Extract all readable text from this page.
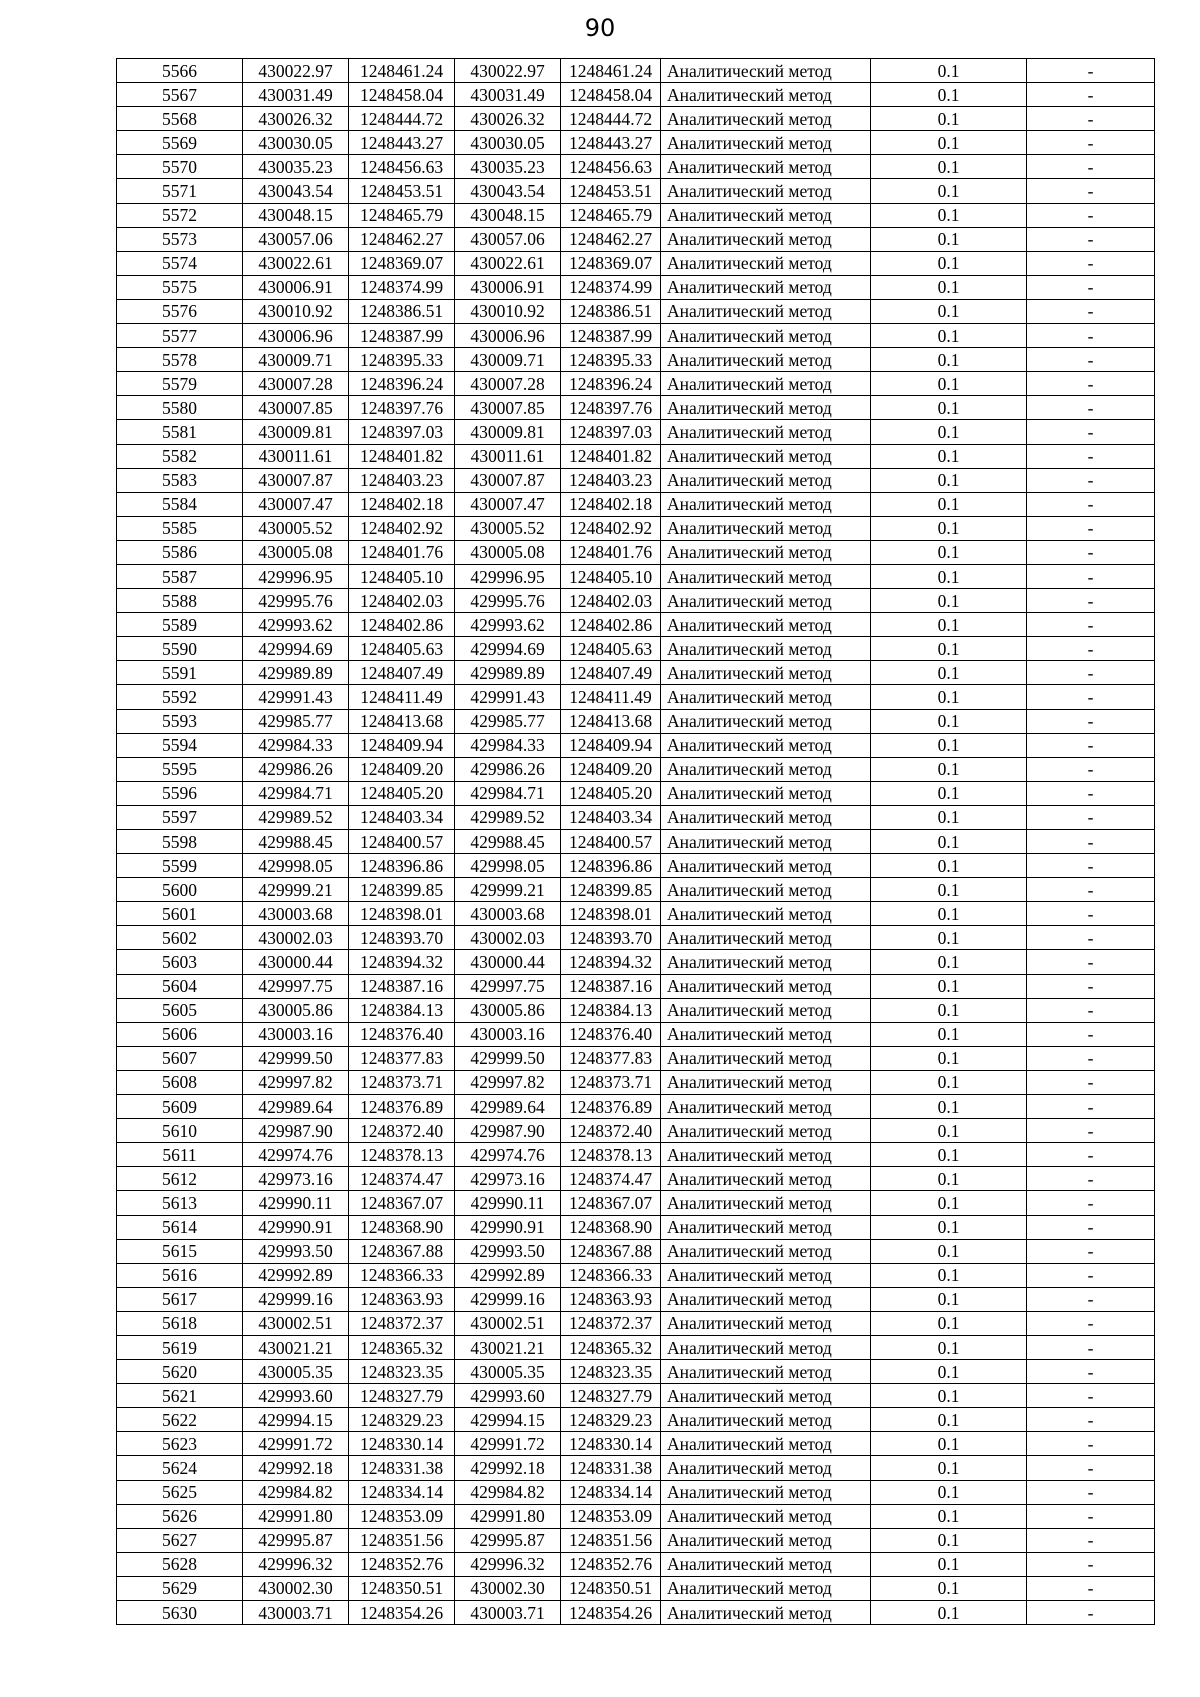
90
5566	430022.97	1248461.24	430022.97	1248461.24	Аналитический метод	0.1	-
5567	430031.49	1248458.04	430031.49	1248458.04	Аналитический метод	0.1	-
5568	430026.32	1248444.72	430026.32	1248444.72	Аналитический метод	0.1	-
5569	430030.05	1248443.27	430030.05	1248443.27	Аналитический метод	0.1	-
5570	430035.23	1248456.63	430035.23	1248456.63	Аналитический метод	0.1	-
5571	430043.54	1248453.51	430043.54	1248453.51	Аналитический метод	0.1	-
5572	430048.15	1248465.79	430048.15	1248465.79	Аналитический метод	0.1	-
5573	430057.06	1248462.27	430057.06	1248462.27	Аналитический метод	0.1	-
5574	430022.61	1248369.07	430022.61	1248369.07	Аналитический метод	0.1	-
5575	430006.91	1248374.99	430006.91	1248374.99	Аналитический метод	0.1	-
5576	430010.92	1248386.51	430010.92	1248386.51	Аналитический метод	0.1	-
5577	430006.96	1248387.99	430006.96	1248387.99	Аналитический метод	0.1	-
5578	430009.71	1248395.33	430009.71	1248395.33	Аналитический метод	0.1	-
5579	430007.28	1248396.24	430007.28	1248396.24	Аналитический метод	0.1	-
5580	430007.85	1248397.76	430007.85	1248397.76	Аналитический метод	0.1	-
5581	430009.81	1248397.03	430009.81	1248397.03	Аналитический метод	0.1	-
5582	430011.61	1248401.82	430011.61	1248401.82	Аналитический метод	0.1	-
5583	430007.87	1248403.23	430007.87	1248403.23	Аналитический метод	0.1	-
5584	430007.47	1248402.18	430007.47	1248402.18	Аналитический метод	0.1	-
5585	430005.52	1248402.92	430005.52	1248402.92	Аналитический метод	0.1	-
5586	430005.08	1248401.76	430005.08	1248401.76	Аналитический метод	0.1	-
5587	429996.95	1248405.10	429996.95	1248405.10	Аналитический метод	0.1	-
5588	429995.76	1248402.03	429995.76	1248402.03	Аналитический метод	0.1	-
5589	429993.62	1248402.86	429993.62	1248402.86	Аналитический метод	0.1	-
5590	429994.69	1248405.63	429994.69	1248405.63	Аналитический метод	0.1	-
5591	429989.89	1248407.49	429989.89	1248407.49	Аналитический метод	0.1	-
5592	429991.43	1248411.49	429991.43	1248411.49	Аналитический метод	0.1	-
5593	429985.77	1248413.68	429985.77	1248413.68	Аналитический метод	0.1	-
5594	429984.33	1248409.94	429984.33	1248409.94	Аналитический метод	0.1	-
5595	429986.26	1248409.20	429986.26	1248409.20	Аналитический метод	0.1	-
5596	429984.71	1248405.20	429984.71	1248405.20	Аналитический метод	0.1	-
5597	429989.52	1248403.34	429989.52	1248403.34	Аналитический метод	0.1	-
5598	429988.45	1248400.57	429988.45	1248400.57	Аналитический метод	0.1	-
5599	429998.05	1248396.86	429998.05	1248396.86	Аналитический метод	0.1	-
5600	429999.21	1248399.85	429999.21	1248399.85	Аналитический метод	0.1	-
5601	430003.68	1248398.01	430003.68	1248398.01	Аналитический метод	0.1	-
5602	430002.03	1248393.70	430002.03	1248393.70	Аналитический метод	0.1	-
5603	430000.44	1248394.32	430000.44	1248394.32	Аналитический метод	0.1	-
5604	429997.75	1248387.16	429997.75	1248387.16	Аналитический метод	0.1	-
5605	430005.86	1248384.13	430005.86	1248384.13	Аналитический метод	0.1	-
5606	430003.16	1248376.40	430003.16	1248376.40	Аналитический метод	0.1	-
5607	429999.50	1248377.83	429999.50	1248377.83	Аналитический метод	0.1	-
5608	429997.82	1248373.71	429997.82	1248373.71	Аналитический метод	0.1	-
5609	429989.64	1248376.89	429989.64	1248376.89	Аналитический метод	0.1	-
5610	429987.90	1248372.40	429987.90	1248372.40	Аналитический метод	0.1	-
5611	429974.76	1248378.13	429974.76	1248378.13	Аналитический метод	0.1	-
5612	429973.16	1248374.47	429973.16	1248374.47	Аналитический метод	0.1	-
5613	429990.11	1248367.07	429990.11	1248367.07	Аналитический метод	0.1	-
5614	429990.91	1248368.90	429990.91	1248368.90	Аналитический метод	0.1	-
5615	429993.50	1248367.88	429993.50	1248367.88	Аналитический метод	0.1	-
5616	429992.89	1248366.33	429992.89	1248366.33	Аналитический метод	0.1	-
5617	429999.16	1248363.93	429999.16	1248363.93	Аналитический метод	0.1	-
5618	430002.51	1248372.37	430002.51	1248372.37	Аналитический метод	0.1	-
5619	430021.21	1248365.32	430021.21	1248365.32	Аналитический метод	0.1	-
5620	430005.35	1248323.35	430005.35	1248323.35	Аналитический метод	0.1	-
5621	429993.60	1248327.79	429993.60	1248327.79	Аналитический метод	0.1	-
5622	429994.15	1248329.23	429994.15	1248329.23	Аналитический метод	0.1	-
5623	429991.72	1248330.14	429991.72	1248330.14	Аналитический метод	0.1	-
5624	429992.18	1248331.38	429992.18	1248331.38	Аналитический метод	0.1	-
5625	429984.82	1248334.14	429984.82	1248334.14	Аналитический метод	0.1	-
5626	429991.80	1248353.09	429991.80	1248353.09	Аналитический метод	0.1	-
5627	429995.87	1248351.56	429995.87	1248351.56	Аналитический метод	0.1	-
5628	429996.32	1248352.76	429996.32	1248352.76	Аналитический метод	0.1	-
5629	430002.30	1248350.51	430002.30	1248350.51	Аналитический метод	0.1	-
5630	430003.71	1248354.26	430003.71	1248354.26	Аналитический метод	0.1	-
